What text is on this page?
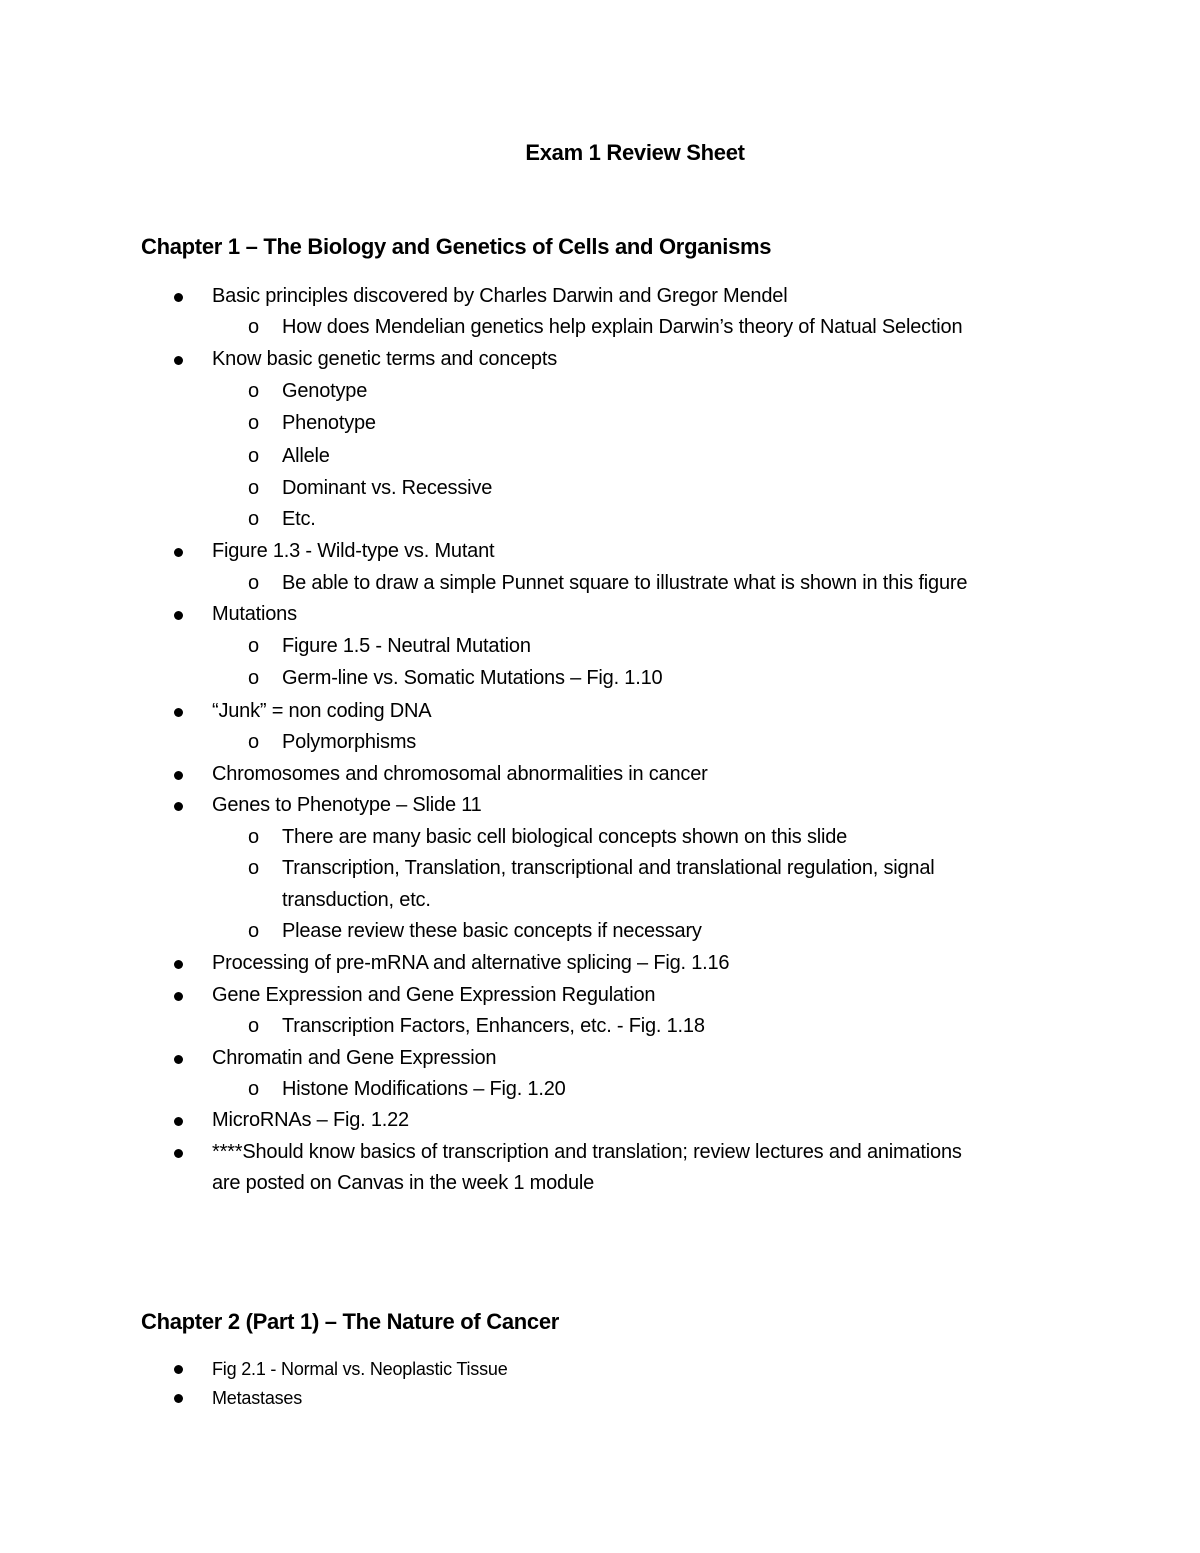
Exam 1 Review Sheet
Chapter 1 – The Biology and Genetics of Cells and Organisms
Basic principles discovered by Charles Darwin and Gregor Mendel
o How does Mendelian genetics help explain Darwin’s theory of Natual Selection
Know basic genetic terms and concepts
o Genotype
o Phenotype
o Allele
o Dominant vs. Recessive
o Etc.
Figure 1.3 - Wild-type vs. Mutant
o Be able to draw a simple Punnet square to illustrate what is shown in this figure
Mutations
o Figure 1.5 - Neutral Mutation
o Germ-line vs. Somatic Mutations – Fig. 1.10
“Junk” = non coding DNA
o Polymorphisms
Chromosomes and chromosomal abnormalities in cancer
Genes to Phenotype – Slide 11
o There are many basic cell biological concepts shown on this slide
o Transcription, Translation, transcriptional and translational regulation, signal
transduction, etc.
o Please review these basic concepts if necessary
Processing of pre-mRNA and alternative splicing – Fig. 1.16
Gene Expression and Gene Expression Regulation
o Transcription Factors, Enhancers, etc. - Fig. 1.18
Chromatin and Gene Expression
o Histone Modifications – Fig. 1.20
MicroRNAs – Fig. 1.22
****Should know basics of transcription and translation; review lectures and animations
are posted on Canvas in the week 1 module
Chapter 2 (Part 1) – The Nature of Cancer
Fig 2.1 - Normal vs. Neoplastic Tissue
Metastases
